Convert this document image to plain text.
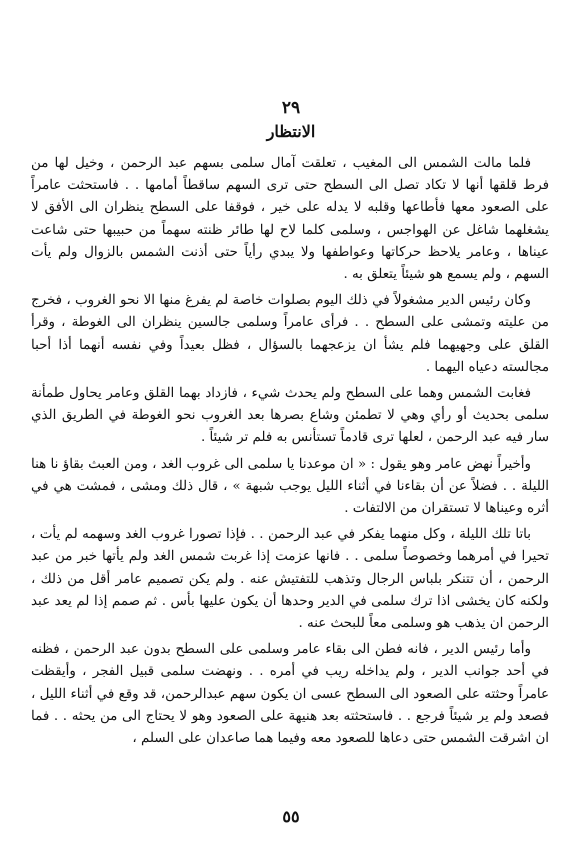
٢٩
الانتظار

فلما مالت الشمس الى المغيب ، تعلقت آمال سلمى بسهم عبد الرحمن ، وخيل لها من فرط قلقها أنها لا تكاد تصل الى السطح حتى ترى السهم ساقطاً أمامها . . فاستحثت عامراً على الصعود معها فأطاعها وقلبه لا يدله على خير ، فوقفا على السطح ينظران الى الأفق لا يشغلهما شاغل عن الهواجس ، وسلمى كلما لاح لها طائر ظنته سهماً من حبيبها حتى شاعت عيناها ، وعامر يلاحظ حركاتها وعواطفها ولا يبدي رأياً حتى أذنت الشمس بالزوال ولم يأت السهم ، ولم يسمع هو شيئاً يتعلق به .

وكان رئيس الدير مشغولاً في ذلك اليوم بصلوات خاصة لم يفرغ منها الا نحو الغروب ، فخرج من عليته وتمشى على السطح . . فرأى عامراً وسلمى جالسين ينظران الى الغوطة ، وقرأ القلق على وجهيهما فلم يشأ ان يزعجهما بالسؤال ، فظل بعيداً وفي نفسه أنهما أذا أحبا مجالسته دعياه اليهما .

فغابت الشمس وهما على السطح ولم يحدث شيء ، فازداد بهما القلق وعامر يحاول طمأنة سلمى بحديث أو رأي وهي لا تطمئن وشاع بصرها بعد الغروب نحو الغوطة في الطريق الذي سار فيه عبد الرحمن ، لعلها ترى قادماً تستأنس به فلم تر شيئاً .

وأخيراً نهض عامر وهو يقول : « ان موعدنا يا سلمى الى غروب الغد ، ومن العبث بقاؤ نا هنا الليلة . . فضلاً عن أن بقاءنا في أثناء الليل يوجب شبهة » ، قال ذلك ومشى ، فمشت هي في أثره وعيناها لا تستقران من الالتفات .

باتا تلك الليلة ، وكل منهما يفكر في عبد الرحمن . . فإذا تصورا غروب الغد وسهمه لم يأت ، تحيرا في أمرهما وخصوصاً سلمى . . فانها عزمت إذا غربت شمس الغد ولم يأتها خبر من عبد الرحمن ، أن تتنكر بلباس الرجال وتذهب للتفتيش عنه . ولم يكن تصميم عامر أقل من ذلك ، ولكنه كان يخشى اذا ترك سلمى في الدير وحدها أن يكون عليها بأس . ثم صمم إذا لم يعد عبد الرحمن ان يذهب هو وسلمى معاً للبحث عنه .

وأما رئيس الدير ، فانه فطن الى بقاء عامر وسلمى على السطح بدون عبد الرحمن ، فظنه في أحد جوانب الدير ، ولم يداخله ريب في أمره . . ونهضت سلمى قبيل الفجر ، وأيقظت عامراً وحثته على الصعود الى السطح عسى ان يكون سهم عبدالرحمن، قد وقع في أثناء الليل ، فصعد ولم ير شيئاً فرجع . . فاستحثته بعد هنيهة على الصعود وهو لا يحتاج الى من يحثه . . فما ان اشرقت الشمس حتى دعاها للصعود معه وفيما هما صاعدان على السلم ،

٥٥
